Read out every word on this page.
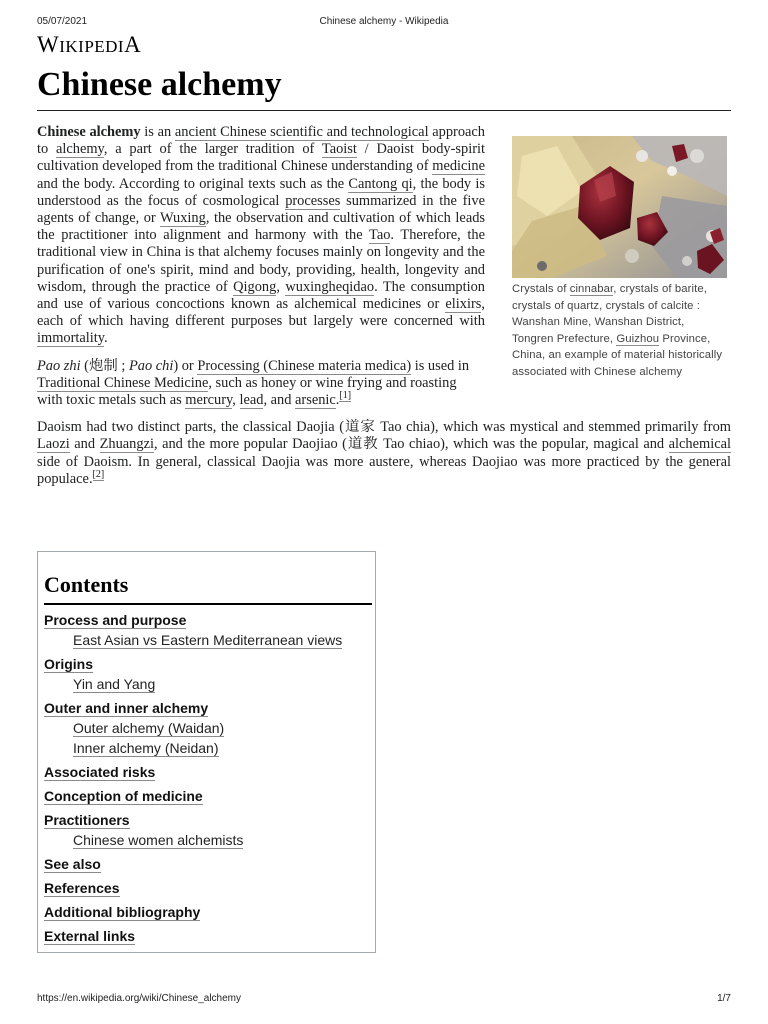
05/07/2021	Chinese alchemy - Wikipedia
WIKIPEDIA
Chinese alchemy

Chinese alchemy is an ancient Chinese scientific and technological approach to alchemy, a part of the larger tradition of Taoist / Daoist body-spirit cultivation developed from the traditional Chinese understanding of medicine and the body. According to original texts such as the Cantong qi, the body is understood as the focus of cosmological processes summarized in the five agents of change, or Wuxing, the observation and cultivation of which leads the practitioner into alignment and harmony with the Tao. Therefore, the traditional view in China is that alchemy focuses mainly on longevity and the purification of one's spirit, mind and body, providing, health, longevity and wisdom, through the practice of Qigong, wuxingheqidao. The consumption and use of various concoctions known as alchemical medicines or elixirs, each of which having different purposes but largely were concerned with immortality.

Pao zhi (炮制 ; Pao chi) or Processing (Chinese materia medica) is used in Traditional Chinese Medicine, such as honey or wine frying and roasting with toxic metals such as mercury, lead, and arsenic.[1]

Daoism had two distinct parts, the classical Daojia (道家 Tao chia), which was mystical and stemmed primarily from Laozi and Zhuangzi, and the more popular Daojiao (道教 Tao chiao), which was the popular, magical and alchemical side of Daoism. In general, classical Daojia was more austere, whereas Daojiao was more practiced by the general populace.[2]

Crystals of cinnabar, crystals of barite, crystals of quartz, crystals of calcite : Wanshan Mine, Wanshan District, Tongren Prefecture, Guizhou Province, China, an example of material historically associated with Chinese alchemy
Contents
Process and purpose
East Asian vs Eastern Mediterranean views
Origins
Yin and Yang
Outer and inner alchemy
Outer alchemy (Waidan)
Inner alchemy (Neidan)
Associated risks
Conception of medicine
Practitioners
Chinese women alchemists
See also
References
Additional bibliography
External links
https://en.wikipedia.org/wiki/Chinese_alchemy	1/7
